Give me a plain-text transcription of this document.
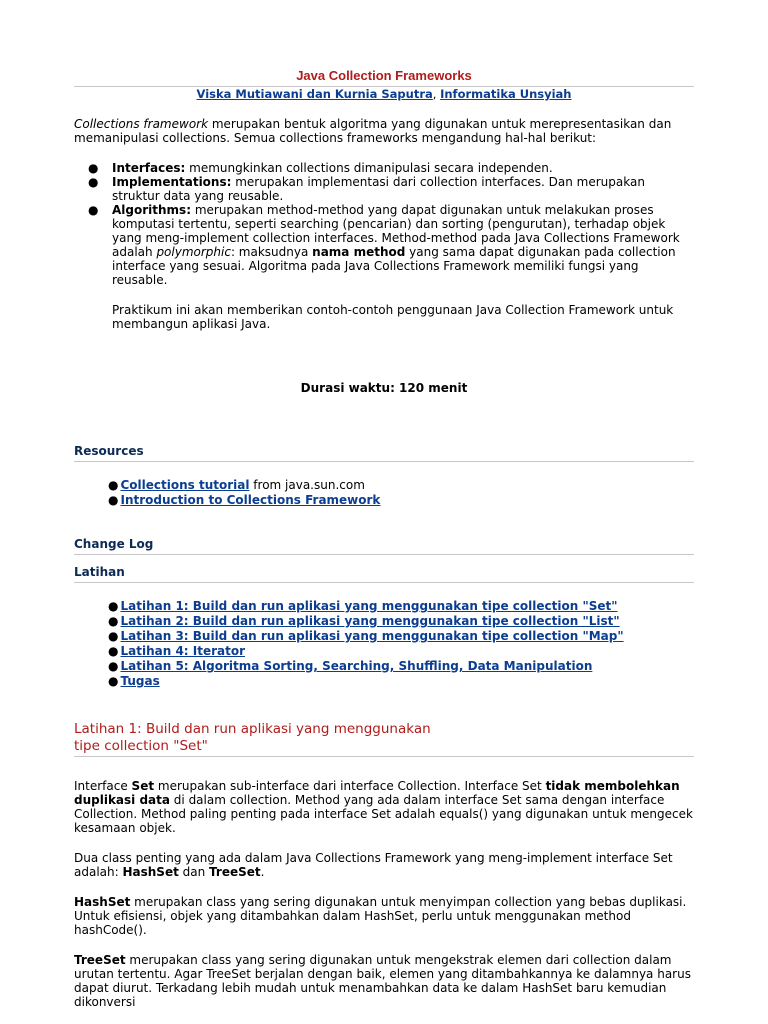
Java Collection Frameworks
Viska Mutiawani dan Kurnia Saputra, Informatika Unsyiah

Collections framework merupakan bentuk algoritma yang digunakan untuk merepresentasikan dan memanipulasi collections. Semua collections frameworks mengandung hal-hal berikut:

● Interfaces: memungkinkan collections dimanipulasi secara independen.
● Implementations: merupakan implementasi dari collection interfaces. Dan merupakan struktur data yang reusable.
● Algorithms: merupakan method-method yang dapat digunakan untuk melakukan proses komputasi tertentu, seperti searching (pencarian) dan sorting (pengurutan), terhadap objek yang meng-implement collection interfaces. Method-method pada Java Collections Framework adalah polymorphic: maksudnya nama method yang sama dapat digunakan pada collection interface yang sesuai. Algoritma pada Java Collections Framework memiliki fungsi yang reusable.

Praktikum ini akan memberikan contoh-contoh penggunaan Java Collection Framework untuk membangun aplikasi Java.

Durasi waktu: 120 menit

Resources
● Collections tutorial from java.sun.com
● Introduction to Collections Framework
Change Log
Latihan
● Latihan 1: Build dan run aplikasi yang menggunakan tipe collection "Set"
● Latihan 2: Build dan run aplikasi yang menggunakan tipe collection "List"
● Latihan 3: Build dan run aplikasi yang menggunakan tipe collection "Map"
● Latihan 4: Iterator
● Latihan 5: Algoritma Sorting, Searching, Shuffling, Data Manipulation
● Tugas
Latihan 1: Build dan run aplikasi yang menggunakan
tipe collection "Set"

Interface Set merupakan sub-interface dari interface Collection. Interface Set tidak membolehkan duplikasi data di dalam collection. Method yang ada dalam interface Set sama dengan interface Collection. Method paling penting pada interface Set adalah equals() yang digunakan untuk mengecek kesamaan objek.

Dua class penting yang ada dalam Java Collections Framework yang meng-implement interface Set adalah: HashSet dan TreeSet.

HashSet merupakan class yang sering digunakan untuk menyimpan collection yang bebas duplikasi. Untuk efisiensi, objek yang ditambahkan dalam HashSet, perlu untuk menggunakan method hashCode().

TreeSet merupakan class yang sering digunakan untuk mengekstrak elemen dari collection dalam urutan tertentu. Agar TreeSet berjalan dengan baik, elemen yang ditambahkannya ke dalamnya harus dapat diurut. Terkadang lebih mudah untuk menambahkan data ke dalam HashSet baru kemudian dikonversi
